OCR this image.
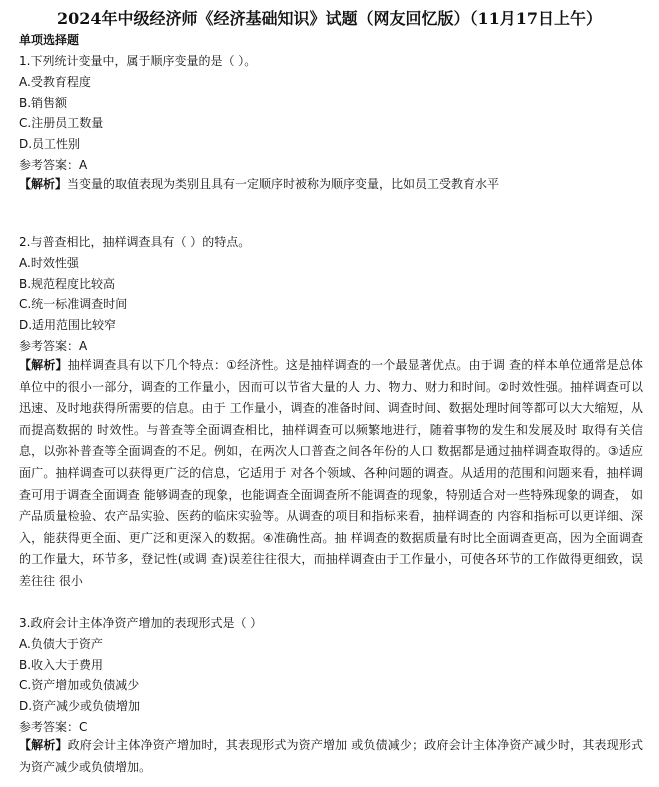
2024年中级经济师《经济基础知识》试题（网友回忆版）（11月17日上午）
单项选择题
1.下列统计变量中，属于顺序变量的是（ ）。
A.受教育程度
B.销售额
C.注册员工数量
D.员工性别
参考答案：A
【解析】当变量的取值表现为类别且具有一定顺序时被称为顺序变量，比如员工受教育水平
2.与普查相比，抽样调查具有（ ）的特点。
A.时效性强
B.规范程度比较高
C.统一标准调查时间
D.适用范围比较窄
参考答案：A
【解析】抽样调查具有以下几个特点：①经济性。这是抽样调查的一个最显著优点。由于调 查的样本单位通常是总体单位中的很小一部分，调查的工作量小，因而可以节省大量的人 力、物力、财力和时间。②时效性强。抽样调查可以迅速、及时地获得所需要的信息。由于 工作量小，调查的准备时间、调查时间、数据处理时间等都可以大大缩短，从而提高数据的 时效性。与普查等全面调查相比，抽样调查可以频繁地进行，随着事物的发生和发展及时 取得有关信息，以弥补普查等全面调查的不足。例如，在两次人口普查之间各年份的人口 数据都是通过抽样调查取得的。③适应面广。抽样调查可以获得更广泛的信息，它适用于 对各个领域、各种问题的调查。从适用的范围和问题来看，抽样调查可用于调查全面调查 能够调查的现象，也能调查全面调查所不能调查的现象，特别适合对一些特殊现象的调查， 如产品质量检验、农产品实验、医药的临床实验等。从调查的项目和指标来看，抽样调查的 内容和指标可以更详细、深入，能获得更全面、更广泛和更深入的数据。④准确性高。抽 样调查的数据质量有时比全面调查更高，因为全面调查的工作量大，环节多，登记性(或调 查)误差往往很大，而抽样调查由于工作量小，可使各环节的工作做得更细致，误差往往 很小
3.政府会计主体净资产增加的表现形式是（ ）
A.负债大于资产
B.收入大于费用
C.资产增加或负债减少
D.资产减少或负债增加
参考答案：C
【解析】政府会计主体净资产增加时，其表现形式为资产增加 或负债减少；政府会计主体净资产减少时，其表现形式为资产减少或负债增加。
